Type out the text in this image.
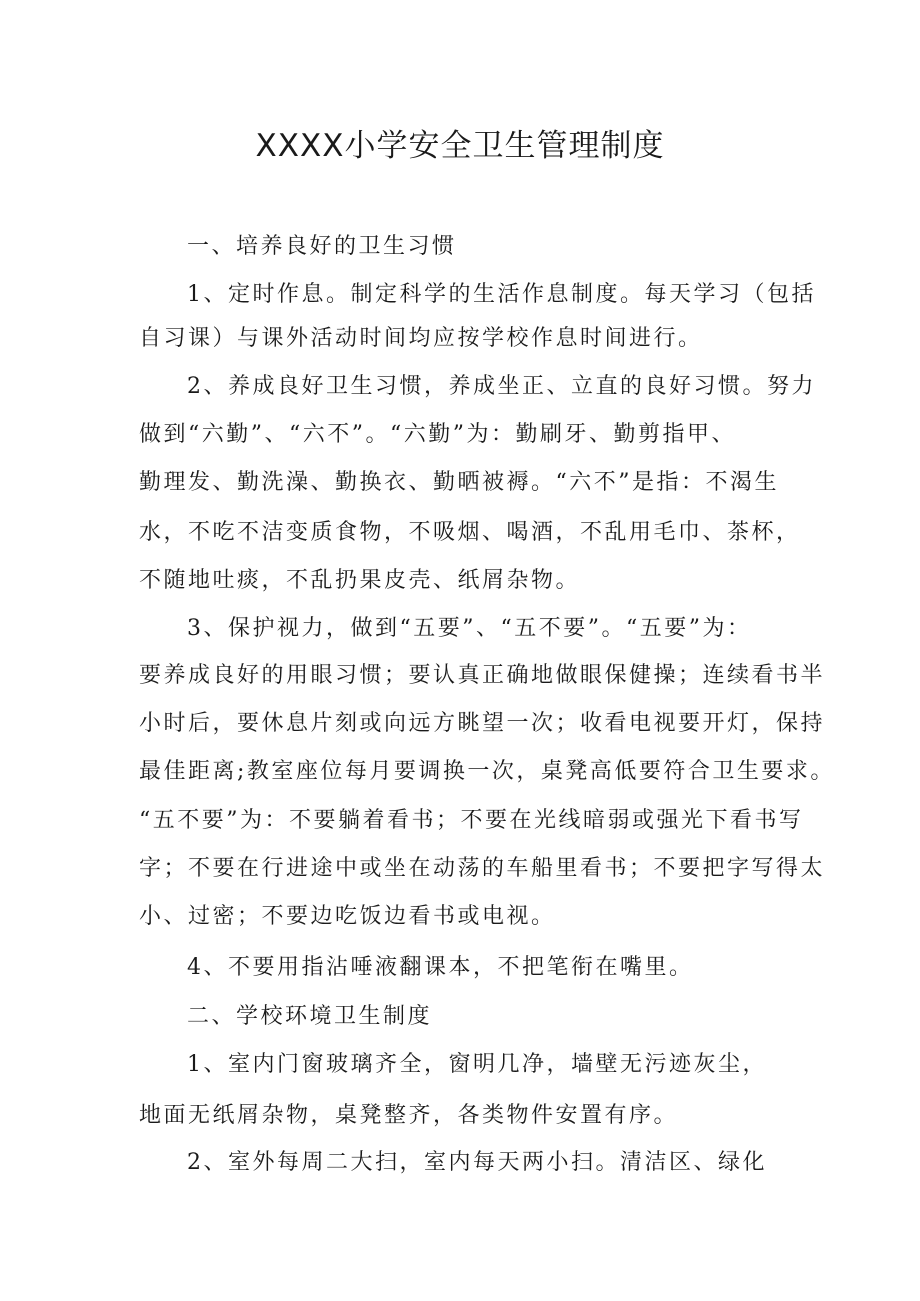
XXXX小学安全卫生管理制度

一、培养良好的卫生习惯

1、定时作息。制定科学的生活作息制度。每天学习（包括

自习课）与课外活动时间均应按学校作息时间进行。

2、养成良好卫生习惯，养成坐正、立直的良好习惯。努力

做到“六勤”、“六不”。“六勤”为：勤刷牙、勤剪指甲、

勤理发、勤洗澡、勤换衣、勤晒被褥。“六不”是指：不渴生

水，不吃不洁变质食物，不吸烟、喝酒，不乱用毛巾、茶杯，

不随地吐痰，不乱扔果皮壳、纸屑杂物。

3、保护视力，做到“五要”、“五不要”。“五要”为：

要养成良好的用眼习惯；要认真正确地做眼保健操；连续看书半

小时后，要休息片刻或向远方眺望一次；收看电视要开灯，保持

最佳距离;教室座位每月要调换一次，桌凳高低要符合卫生要求。

“五不要”为：不要躺着看书；不要在光线暗弱或强光下看书写

字；不要在行进途中或坐在动荡的车船里看书；不要把字写得太

小、过密；不要边吃饭边看书或电视。

4、不要用指沾唾液翻课本，不把笔衔在嘴里。

二、学校环境卫生制度

1、室内门窗玻璃齐全，窗明几净，墙壁无污迹灰尘，

地面无纸屑杂物，桌凳整齐，各类物件安置有序。

2、室外每周二大扫，室内每天两小扫。清洁区、绿化
